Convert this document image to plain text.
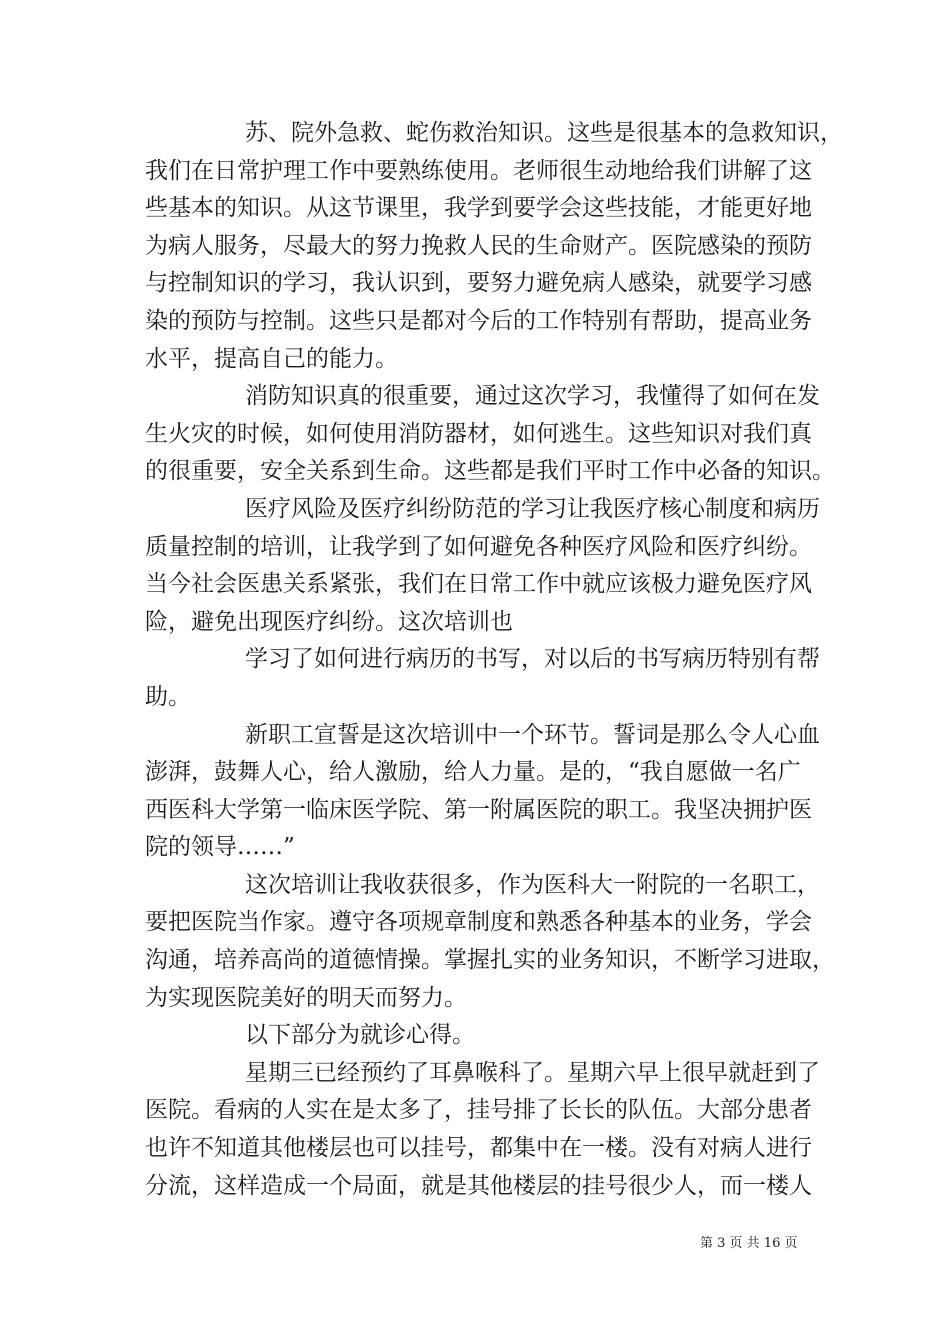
苏、院外急救、蛇伤救治知识。这些是很基本的急救知识，
我们在日常护理工作中要熟练使用。老师很生动地给我们讲解了这
些基本的知识。从这节课里，我学到要学会这些技能，才能更好地
为病人服务，尽最大的努力挽救人民的生命财产。医院感染的预防
与控制知识的学习，我认识到，要努力避免病人感染，就要学习感
染的预防与控制。这些只是都对今后的工作特别有帮助，提高业务
水平，提高自己的能力。
消防知识真的很重要，通过这次学习，我懂得了如何在发
生火灾的时候，如何使用消防器材，如何逃生。这些知识对我们真
的很重要，安全关系到生命。这些都是我们平时工作中必备的知识。
医疗风险及医疗纠纷防范的学习让我医疗核心制度和病历
质量控制的培训，让我学到了如何避免各种医疗风险和医疗纠纷。
当今社会医患关系紧张，我们在日常工作中就应该极力避免医疗风
险，避免出现医疗纠纷。这次培训也
学习了如何进行病历的书写，对以后的书写病历特别有帮
助。
新职工宣誓是这次培训中一个环节。誓词是那么令人心血
澎湃，鼓舞人心，给人激励，给人力量。是的，“我自愿做一名广
西医科大学第一临床医学院、第一附属医院的职工。我坚决拥护医
院的领导……”
这次培训让我收获很多，作为医科大一附院的一名职工，
要把医院当作家。遵守各项规章制度和熟悉各种基本的业务，学会
沟通，培养高尚的道德情操。掌握扎实的业务知识，不断学习进取，
为实现医院美好的明天而努力。
以下部分为就诊心得。
星期三已经预约了耳鼻喉科了。星期六早上很早就赶到了
医院。看病的人实在是太多了，挂号排了长长的队伍。大部分患者
也许不知道其他楼层也可以挂号，都集中在一楼。没有对病人进行
分流，这样造成一个局面，就是其他楼层的挂号很少人，而一楼人
第 3 页 共 16 页
